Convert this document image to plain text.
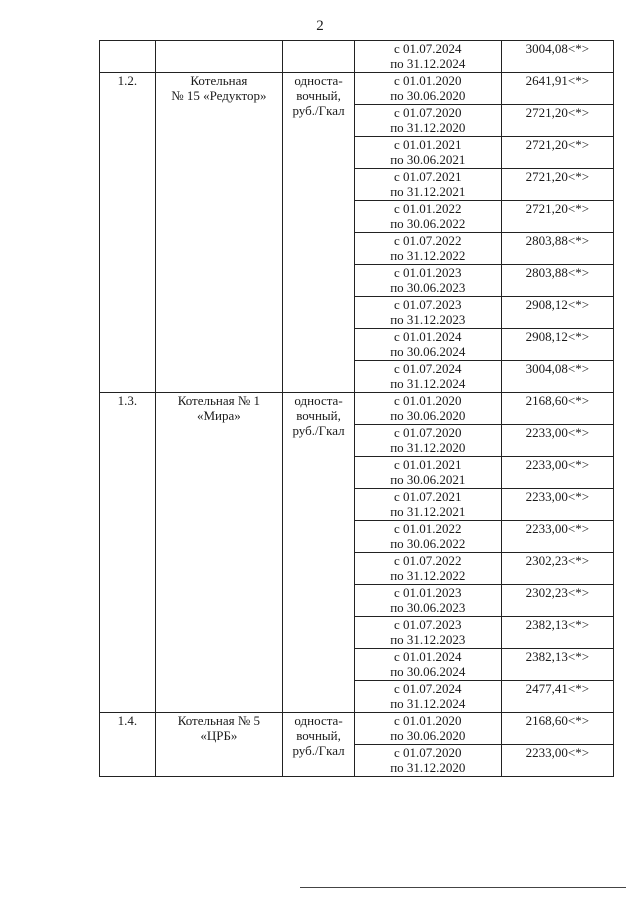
2

			с 01.07.2024
по 31.12.2024	3004,08<*>
1.2.	Котельная
№ 15 «Редуктор»	односта-
вочный,
руб./Гкал	с 01.01.2020
по 30.06.2020	2641,91<*>

			с 01.07.2020
по 31.12.2020	2721,20<*>

			с 01.01.2021
по 30.06.2021	2721,20<*>

			с 01.07.2021
по 31.12.2021	2721,20<*>

			с 01.01.2022
по 30.06.2022	2721,20<*>

			с 01.07.2022
по 31.12.2022	2803,88<*>

			с 01.01.2023
по 30.06.2023	2803,88<*>

			с 01.07.2023
по 31.12.2023	2908,12<*>

			с 01.01.2024
по 30.06.2024	2908,12<*>

			с 01.07.2024
по 31.12.2024	3004,08<*>
1.3.	Котельная № 1
«Мира»	односта-
вочный,
руб./Гкал	с 01.01.2020
по 30.06.2020	2168,60<*>

			с 01.07.2020
по 31.12.2020	2233,00<*>

			с 01.01.2021
по 30.06.2021	2233,00<*>

			с 01.07.2021
по 31.12.2021	2233,00<*>

			с 01.01.2022
по 30.06.2022	2233,00<*>

			с 01.07.2022
по 31.12.2022	2302,23<*>

			с 01.01.2023
по 30.06.2023	2302,23<*>

			с 01.07.2023
по 31.12.2023	2382,13<*>

			с 01.01.2024
по 30.06.2024	2382,13<*>

			с 01.07.2024
по 31.12.2024	2477,41<*>
1.4.	Котельная № 5
«ЦРБ»	односта-
вочный,
руб./Гкал	с 01.01.2020
по 30.06.2020	2168,60<*>

			с 01.07.2020
по 31.12.2020	2233,00<*>
